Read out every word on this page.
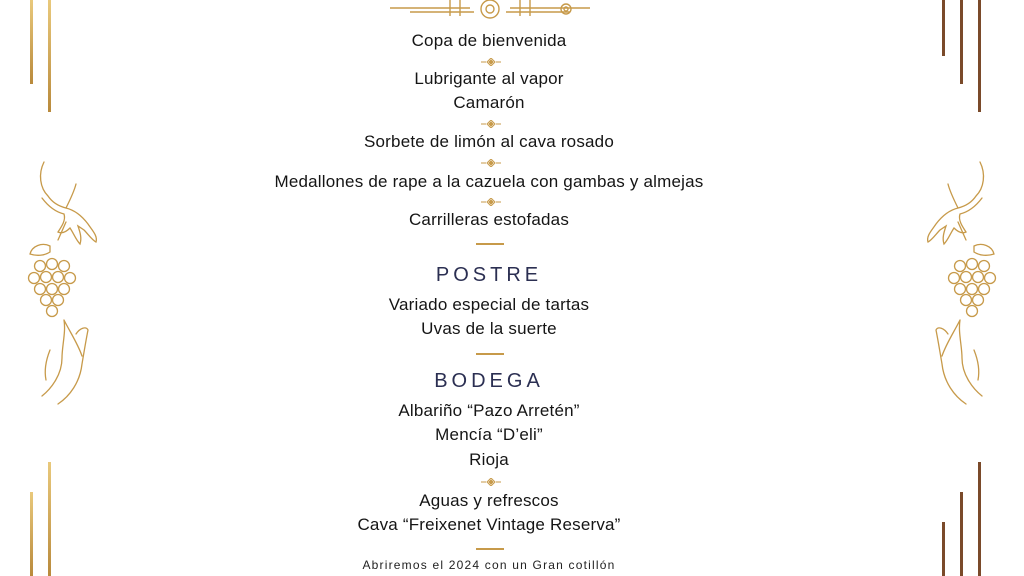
Copa de bienvenida
Lubrigante al vapor
Camarón
Sorbete de limón al cava rosado
Medallones de rape a la cazuela con gambas y almejas
Carrilleras estofadas
POSTRE
Variado especial de tartas
Uvas de la suerte
BODEGA
Albariño “Pazo Arretén”
Mencía “D’eli”
Rioja
Aguas y refrescos
Cava “Freixenet Vintage Reserva”
Abriremos el 2024 con un Gran cotillón
